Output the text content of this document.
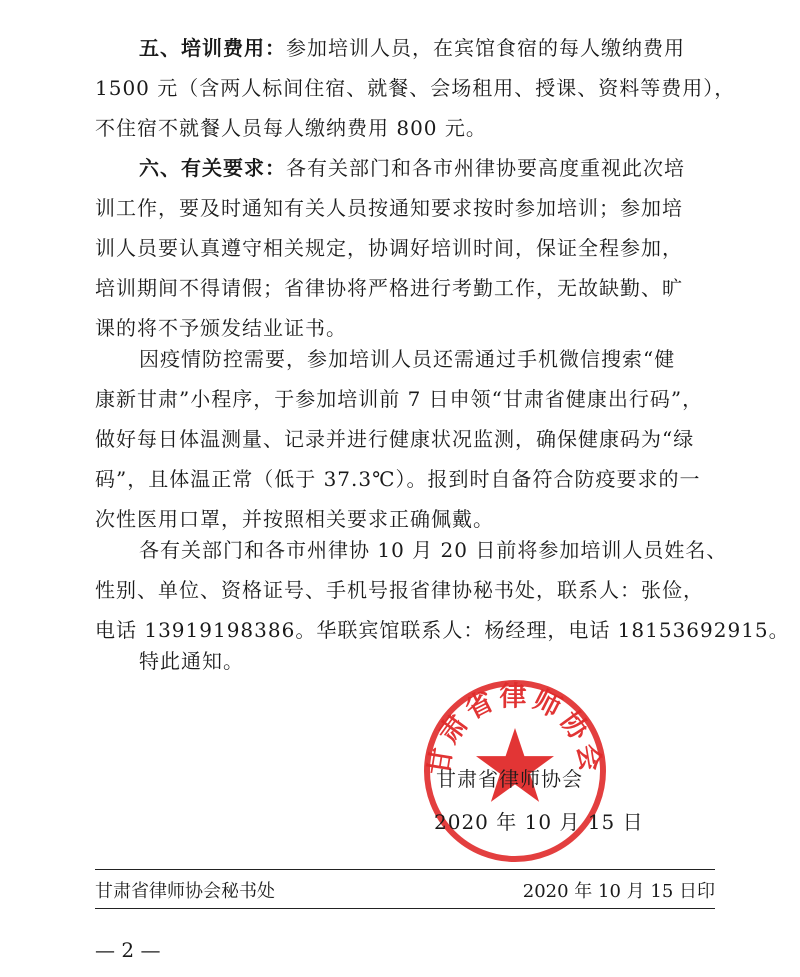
五、培训费用：参加培训人员，在宾馆食宿的每人缴纳费用
1500 元（含两人标间住宿、就餐、会场租用、授课、资料等费用），
不住宿不就餐人员每人缴纳费用 800 元。
六、有关要求：各有关部门和各市州律协要高度重视此次培
训工作，要及时通知有关人员按通知要求按时参加培训；参加培
训人员要认真遵守相关规定，协调好培训时间，保证全程参加，
培训期间不得请假；省律协将严格进行考勤工作，无故缺勤、旷
课的将不予颁发结业证书。
因疫情防控需要，参加培训人员还需通过手机微信搜索“健
康新甘肃”小程序，于参加培训前 7 日申领“甘肃省健康出行码”，
做好每日体温测量、记录并进行健康状况监测，确保健康码为“绿
码”，且体温正常（低于 37.3℃）。报到时自备符合防疫要求的一
次性医用口罩，并按照相关要求正确佩戴。
各有关部门和各市州律协 10 月 20 日前将参加培训人员姓名、
性别、单位、资格证号、手机号报省律协秘书处，联系人：张俭，
电话 13919198386。华联宾馆联系人：杨经理，电话 18153692915。
特此通知。
甘肃省律师协会
甘肃省律师协会
2020 年 10 月 15 日
甘肃省律师协会秘书处	2020 年 10 月 15 日印
— 2 —
